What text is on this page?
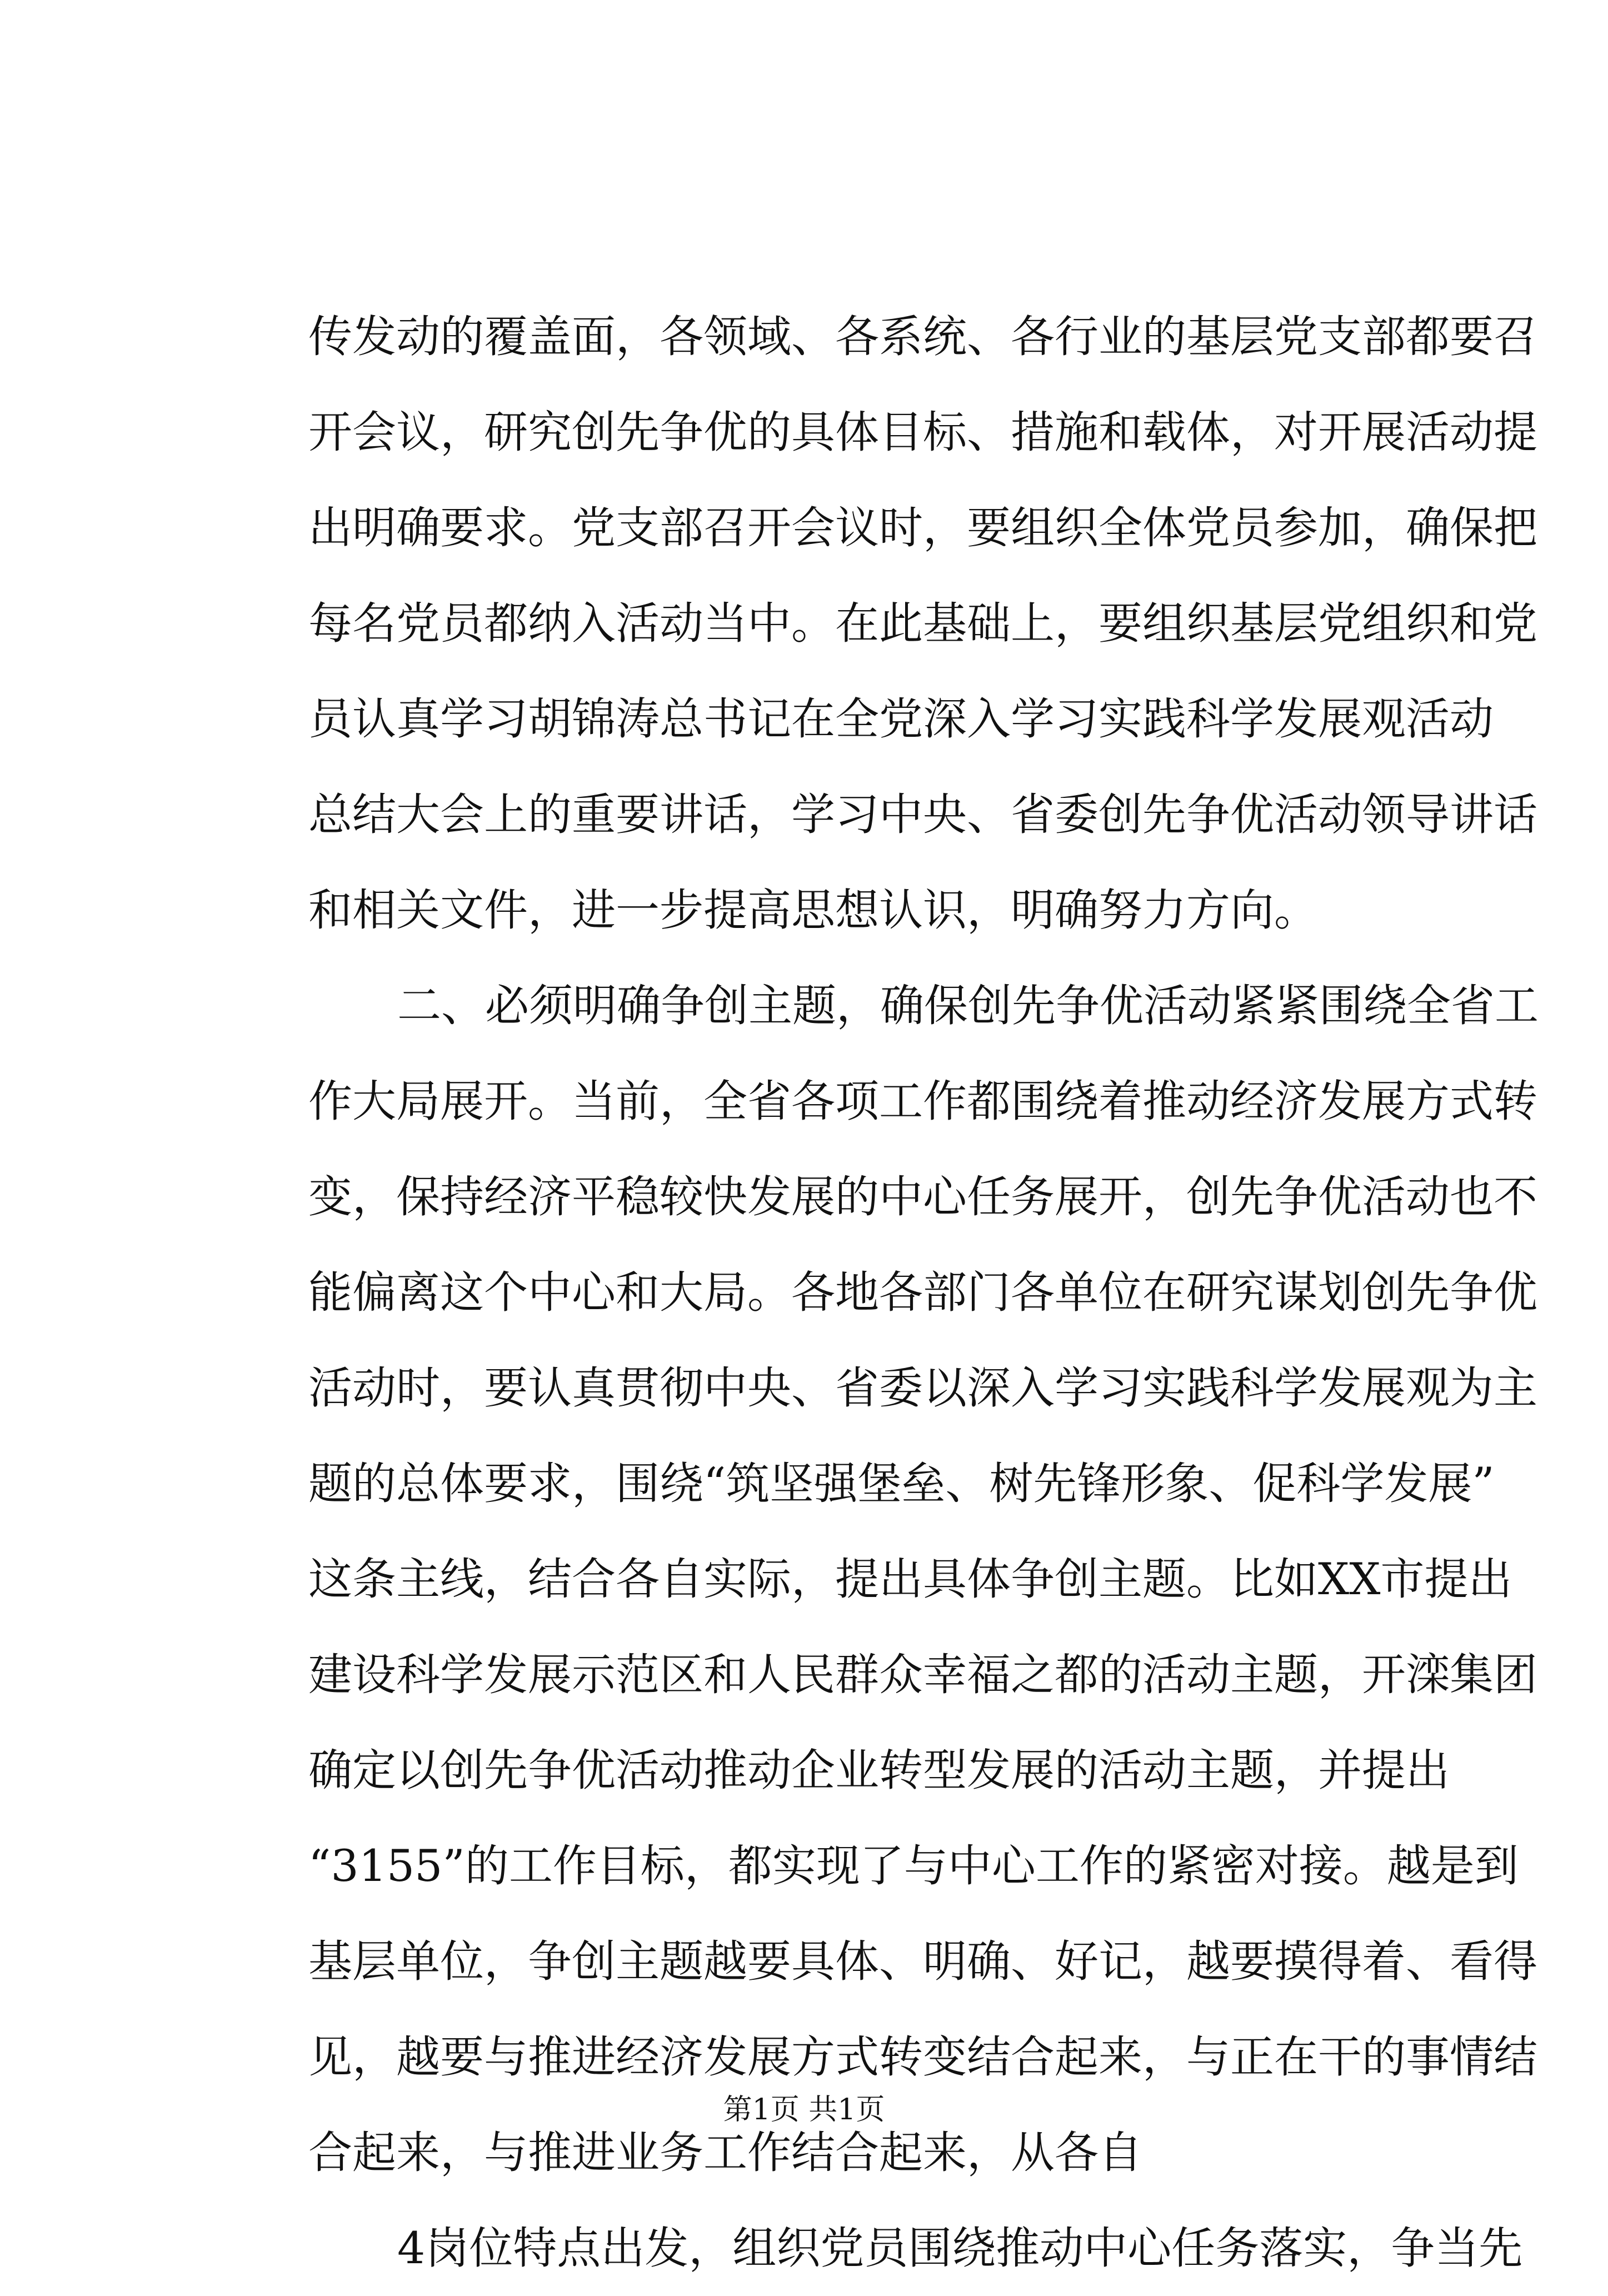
传发动的覆盖面，各领域、各系统、各行业的基层党支部都要召
开会议，研究创先争优的具体目标、措施和载体，对开展活动提
出明确要求。党支部召开会议时，要组织全体党员参加，确保把
每名党员都纳入活动当中。在此基础上，要组织基层党组织和党
员认真学习胡锦涛总书记在全党深入学习实践科学发展观活动
总结大会上的重要讲话，学习中央、省委创先争优活动领导讲话
和相关文件，进一步提高思想认识，明确努力方向。
二、必须明确争创主题，确保创先争优活动紧紧围绕全省工
作大局展开。当前，全省各项工作都围绕着推动经济发展方式转
变，保持经济平稳较快发展的中心任务展开，创先争优活动也不
能偏离这个中心和大局。各地各部门各单位在研究谋划创先争优
活动时，要认真贯彻中央、省委以深入学习实践科学发展观为主
题的总体要求，围绕“筑坚强堡垒、树先锋形象、促科学发展”
这条主线，结合各自实际，提出具体争创主题。比如XX市提出
建设科学发展示范区和人民群众幸福之都的活动主题，开滦集团
确定以创先争优活动推动企业转型发展的活动主题，并提出
“3155”的工作目标，都实现了与中心工作的紧密对接。越是到
基层单位，争创主题越要具体、明确、好记，越要摸得着、看得
见，越要与推进经济发展方式转变结合起来，与正在干的事情结
合起来，与推进业务工作结合起来，从各自
4岗位特点出发，组织党员围绕推动中心任务落实，争当先
第1页 共1页
